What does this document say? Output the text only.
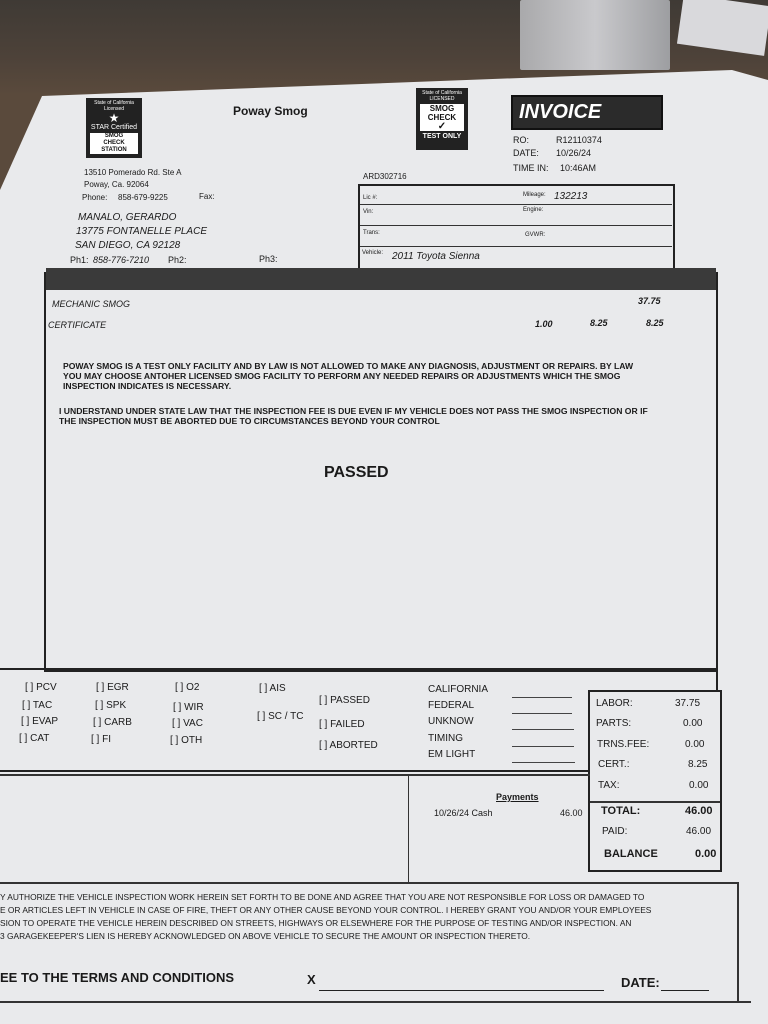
State of California Licensed
★
STAR Certified
SMOG
CHECK
STATION
Poway Smog
State of California LICENSED
SMOG
CHECK
✓
TEST ONLY
INVOICE
RO:	R12110374
DATE: 10/26/24
TIME IN: 10:46AM
13510 Pomerado Rd. Ste A
Poway, Ca. 92064
Phone: 858-679-9225	Fax:
ARD302716
MANALO, GERARDO
13775 FONTANELLE PLACE
SAN DIEGO, CA 92128
Ph1: 858-776-7210 Ph2:	Ph3:
Lic #:
Vin:
Trans:
Vehicle: 2011 Toyota Sienna
Mileage: 132213
Engine:
GVWR:
MECHANIC SMOG	37.75
CERTIFICATE	1.00	8.25	8.25
POWAY SMOG IS A TEST ONLY FACILITY AND BY LAW IS NOT ALLOWED TO MAKE ANY DIAGNOSIS, ADJUSTMENT OR REPAIRS. BY LAW YOU MAY CHOOSE ANTOHER LICENSED SMOG FACILITY TO PERFORM ANY NEEDED REPAIRS OR ADJUSTMENTS WHICH THE SMOG INSPECTION INDICATES IS NECESSARY.
I UNDERSTAND UNDER STATE LAW THAT THE INSPECTION FEE IS DUE EVEN IF MY VEHICLE DOES NOT PASS THE SMOG INSPECTION OR IF THE INSPECTION MUST BE ABORTED DUE TO CIRCUMSTANCES BEYOND YOUR CONTROL
PASSED
[ ] PCV
[ ] TAC
[ ] EVAP
[ ] CAT
[ ] EGR
[ ] SPK
[ ] CARB
[ ] FI
[ ] O2
[ ] WIR
[ ] VAC
[ ] OTH
[ ] AIS
[ ] SC / TC
[ ] PASSED
[ ] FAILED
[ ] ABORTED
CALIFORNIA
FEDERAL
UNKNOW
TIMING
EM LIGHT
LABOR:	37.75
PARTS:	0.00
TRNS.FEE:	0.00
CERT.:	8.25
TAX:	0.00
TOTAL:	46.00
PAID:	46.00
BALANCE	0.00
Payments
10/26/24 Cash	46.00
Y AUTHORIZE THE VEHICLE INSPECTION WORK HEREIN SET FORTH TO BE DONE AND AGREE THAT YOU ARE NOT RESPONSIBLE FOR LOSS OR DAMAGED TO
E OR ARTICLES LEFT IN VEHICLE IN CASE OF FIRE, THEFT OR ANY OTHER CAUSE BEYOND YOUR CONTROL. I HEREBY GRANT YOU AND/OR YOUR EMPLOYEES
SION TO OPERATE THE VEHICLE HEREIN DESCRIBED ON STREETS, HIGHWAYS OR ELSEWHERE FOR THE PURPOSE OF TESTING AND/OR INSPECTION. AN
3 GARAGEKEEPER'S LIEN IS HEREBY ACKNOWLEDGED ON ABOVE VEHICLE TO SECURE THE AMOUNT OR INSPECTION THERETO.
EE TO THE TERMS AND CONDITIONS	X	DATE:
